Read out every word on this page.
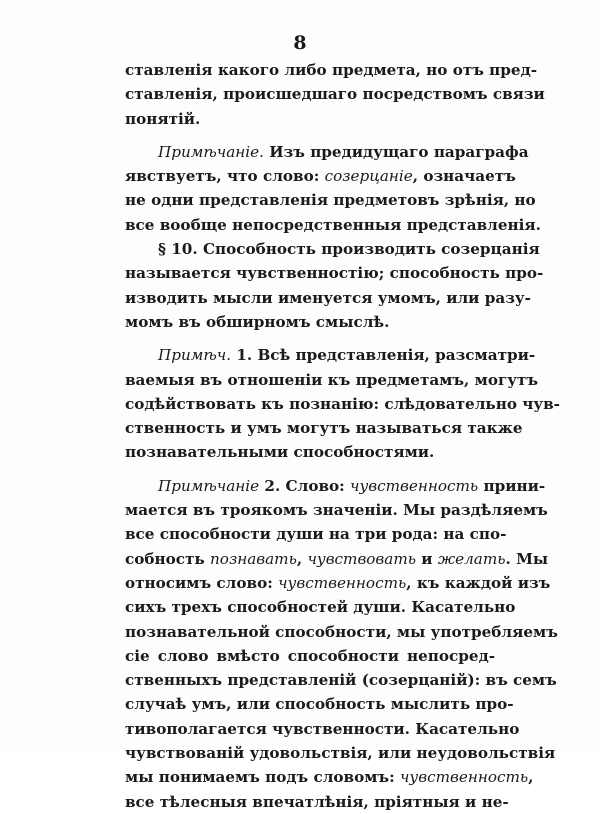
8
ставленія какого либо предмета, но отъ пред-
ставленія, происшедшаго посредствомъ связи
понятій.
Примѣчаніе. Изъ предидущаго параграфа
явствуетъ, что слово: созерцаніе, означаетъ
не одни представленія предметовъ зрѣнія, но
все вообще непосредственныя представленія.
§ 10. Способность производить созерцанія
называется чувственностію; способность про-
изводить мысли именуется умомъ, или разу-
момъ въ обширномъ смыслѣ.
Примѣч. 1. Всѣ представленія, разсматри-
ваемыя въ отношеніи къ предметамъ, могутъ
содѣйствовать къ познанію: слѣдовательно чув-
ственность и умъ могутъ называться также
познавательными способностями.
Примѣчаніе 2. Слово: чувственность прини-
мается въ троякомъ значеніи. Мы раздѣляемъ
все способности души на три рода: на спо-
собность познавать, чувствовать и желать. Мы
относимъ слово: чувственность, къ каждой изъ
сихъ трехъ способностей души. Касательно
познавательной способности, мы употребляемъ
сіе слово вмѣсто способности непосред-
ственныхъ представленій (созерцаній): въ семъ
случаѣ умъ, или способность мыслить про-
тивополагается чувственности. Касательно
чувствованій удовольствія, или неудовольствія
мы понимаемъ подъ словомъ: чувственность,
все тѣлесныя впечатлѣнія, пріятныя и не-
